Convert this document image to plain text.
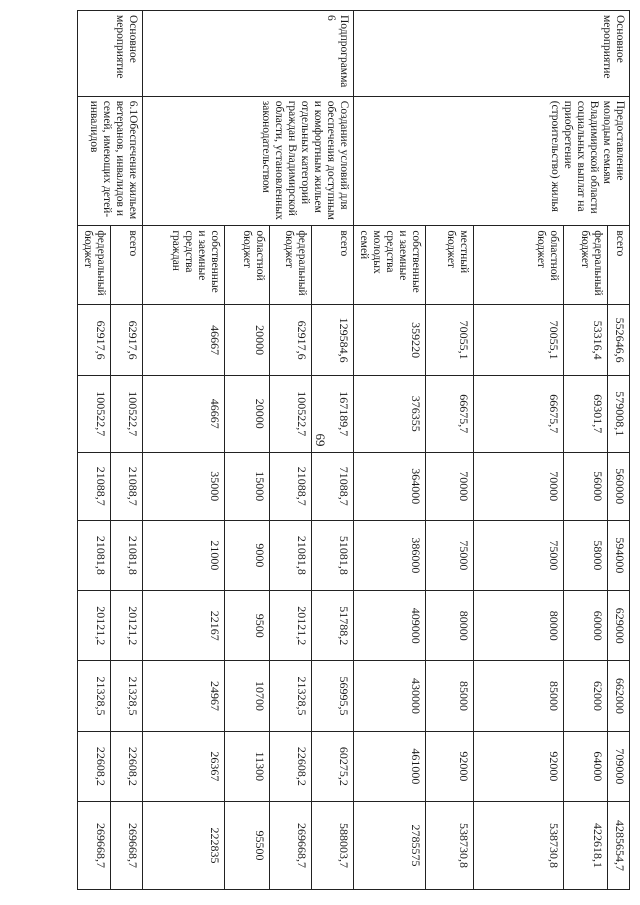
69
Основное мероприятие	Предоставление молодым семьям Владимирской области социальных выплат на приобретение (строительство) жилья	всего	552646,6	579008,1	560000	594000	629000	662000	709000	4285654,7
		федеральный бюджет	53316,4	69301,7	56000	58000	60000	62000	64000	422618,1
		областной бюджет	70055,1	66675,7	70000	75000	80000	85000	92000	538730,8
		местный бюджет	70055,1	66675,7	70000	75000	80000	85000	92000	538730,8
		собственные и заемные средства молодых семей	359220	376355	364000	386000	409000	430000	461000	2785575
Подпрограмма 6	Создание условий для обеспечения доступным и комфортным жильем отдельных категорий граждан Владимирской области, установленных законодательством	всего	129584,6	167189,7	71088,7	51081,8	51788,2	56995,5	60275,2	588003,7
		федеральный бюджет	62917,6	100522,7	21088,7	21081,8	20121,2	21328,5	22608,2	269668,7
		областной бюджет	20000	20000	15000	9000	9500	10700	11300	95500
		собственные и заемные средства граждан	46667	46667	35000	21000	22167	24967	26367	222835
Основное мероприятие	6.1Обеспечение жильем ветеранов, инвалидов и семей, имеющих детей-инвалидов	всего	62917,6	100522,7	21088,7	21081,8	20121,2	21328,5	22608,2	269668,7
		федеральный бюджет	62917,6	100522,7	21088,7	21081,8	20121,2	21328,5	22608,2	269668,7
